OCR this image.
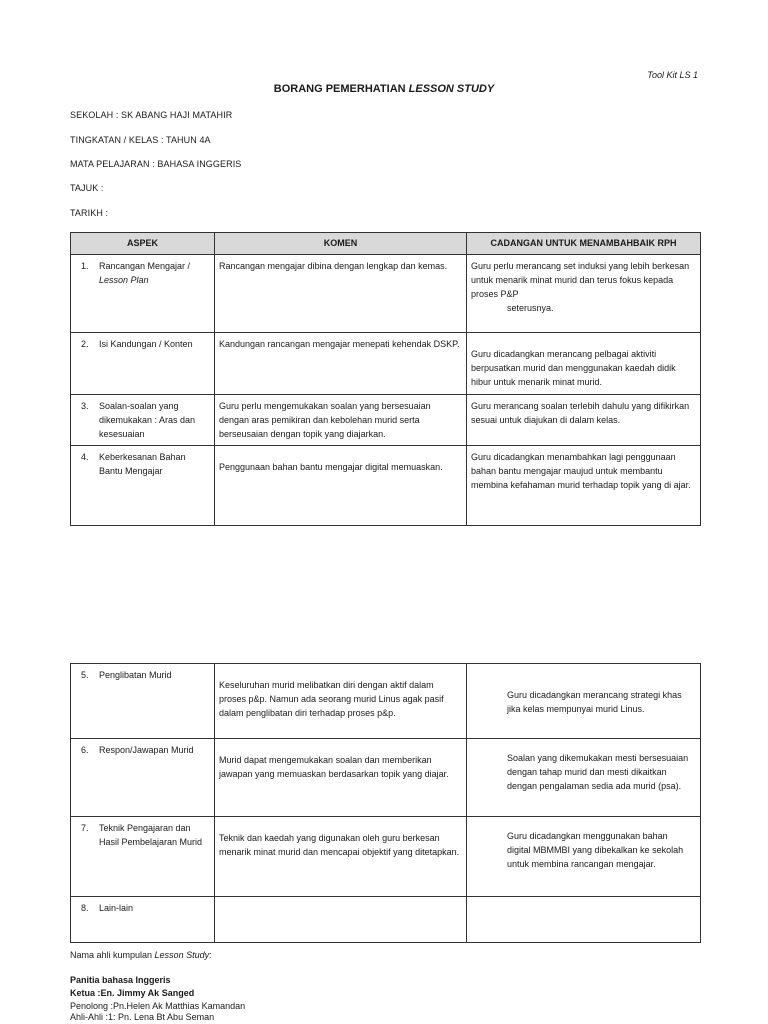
Tool Kit LS 1
BORANG PEMERHATIAN LESSON STUDY
SEKOLAH : SK ABANG HAJI MATAHIR
TINGKATAN / KELAS : TAHUN 4A
MATA PELAJARAN : BAHASA INGGERIS
TAJUK :
TARIKH :
ASPEK	KOMEN	CADANGAN UNTUK MENAMBAHBAIK RPH

1. Rancangan Mengajar /
Lesson Plan	Rancangan mengajar dibina dengan lengkap dan kemas.	Guru perlu merancang set induksi yang lebih berkesan untuk menarik minat murid dan terus fokus kepada proses P&P
seterusnya.

2. Isi Kandungan / Konten	Kandungan rancangan mengajar menepati kehendak DSKP.	Guru dicadangkan merancang pelbagai aktiviti berpusatkan murid dan menggunakan kaedah didik hibur untuk menarik minat murid.

3. Soalan-soalan yang dikemukakan : Aras dan kesesuaian	Guru perlu mengemukakan soalan yang bersesuaian dengan aras pemikiran dan kebolehan murid serta berseusaian dengan topik yang diajarkan.	Guru merancang soalan terlebih dahulu yang difikirkan sesuai untuk diajukan di dalam kelas.

4. Keberkesanan Bahan Bantu Mengajar	Penggunaan bahan bantu mengajar digital memuaskan.	Guru dicadangkan menambahkan lagi penggunaan bahan bantu mengajar maujud untuk membantu membina kefahaman murid terhadap topik yang di ajar.
5. Penglibatan Murid	Keseluruhan murid melibatkan diri dengan aktif dalam proses p&p. Namun ada seorang murid Linus agak pasif dalam penglibatan diri terhadap proses p&p.	Guru dicadangkan merancang strategi khas jika kelas mempunyai murid Linus.

6. Respon/Jawapan Murid	Murid dapat mengemukakan soalan dan memberikan jawapan yang memuaskan berdasarkan topik yang diajar.	Soalan yang dikemukakan mesti bersesuaian dengan tahap murid dan mesti dikaitkan dengan pengalaman sedia ada murid (psa).

7. Teknik Pengajaran dan Hasil Pembelajaran Murid	Teknik dan kaedah yang digunakan oleh guru berkesan menarik minat murid dan mencapai objektif yang ditetapkan.	Guru dicadangkan menggunakan bahan digital MBMMBI yang dibekalkan ke sekolah untuk membina rancangan mengajar.

8. Lain-lain		

Nama ahli kumpulan Lesson Study:
Panitia bahasa Inggeris
Ketua :En. Jimmy Ak Sanged
Penolong :Pn.Helen Ak Matthias Kamandan
Ahli-Ahli :1: Pn. Lena Bt Abu Seman
